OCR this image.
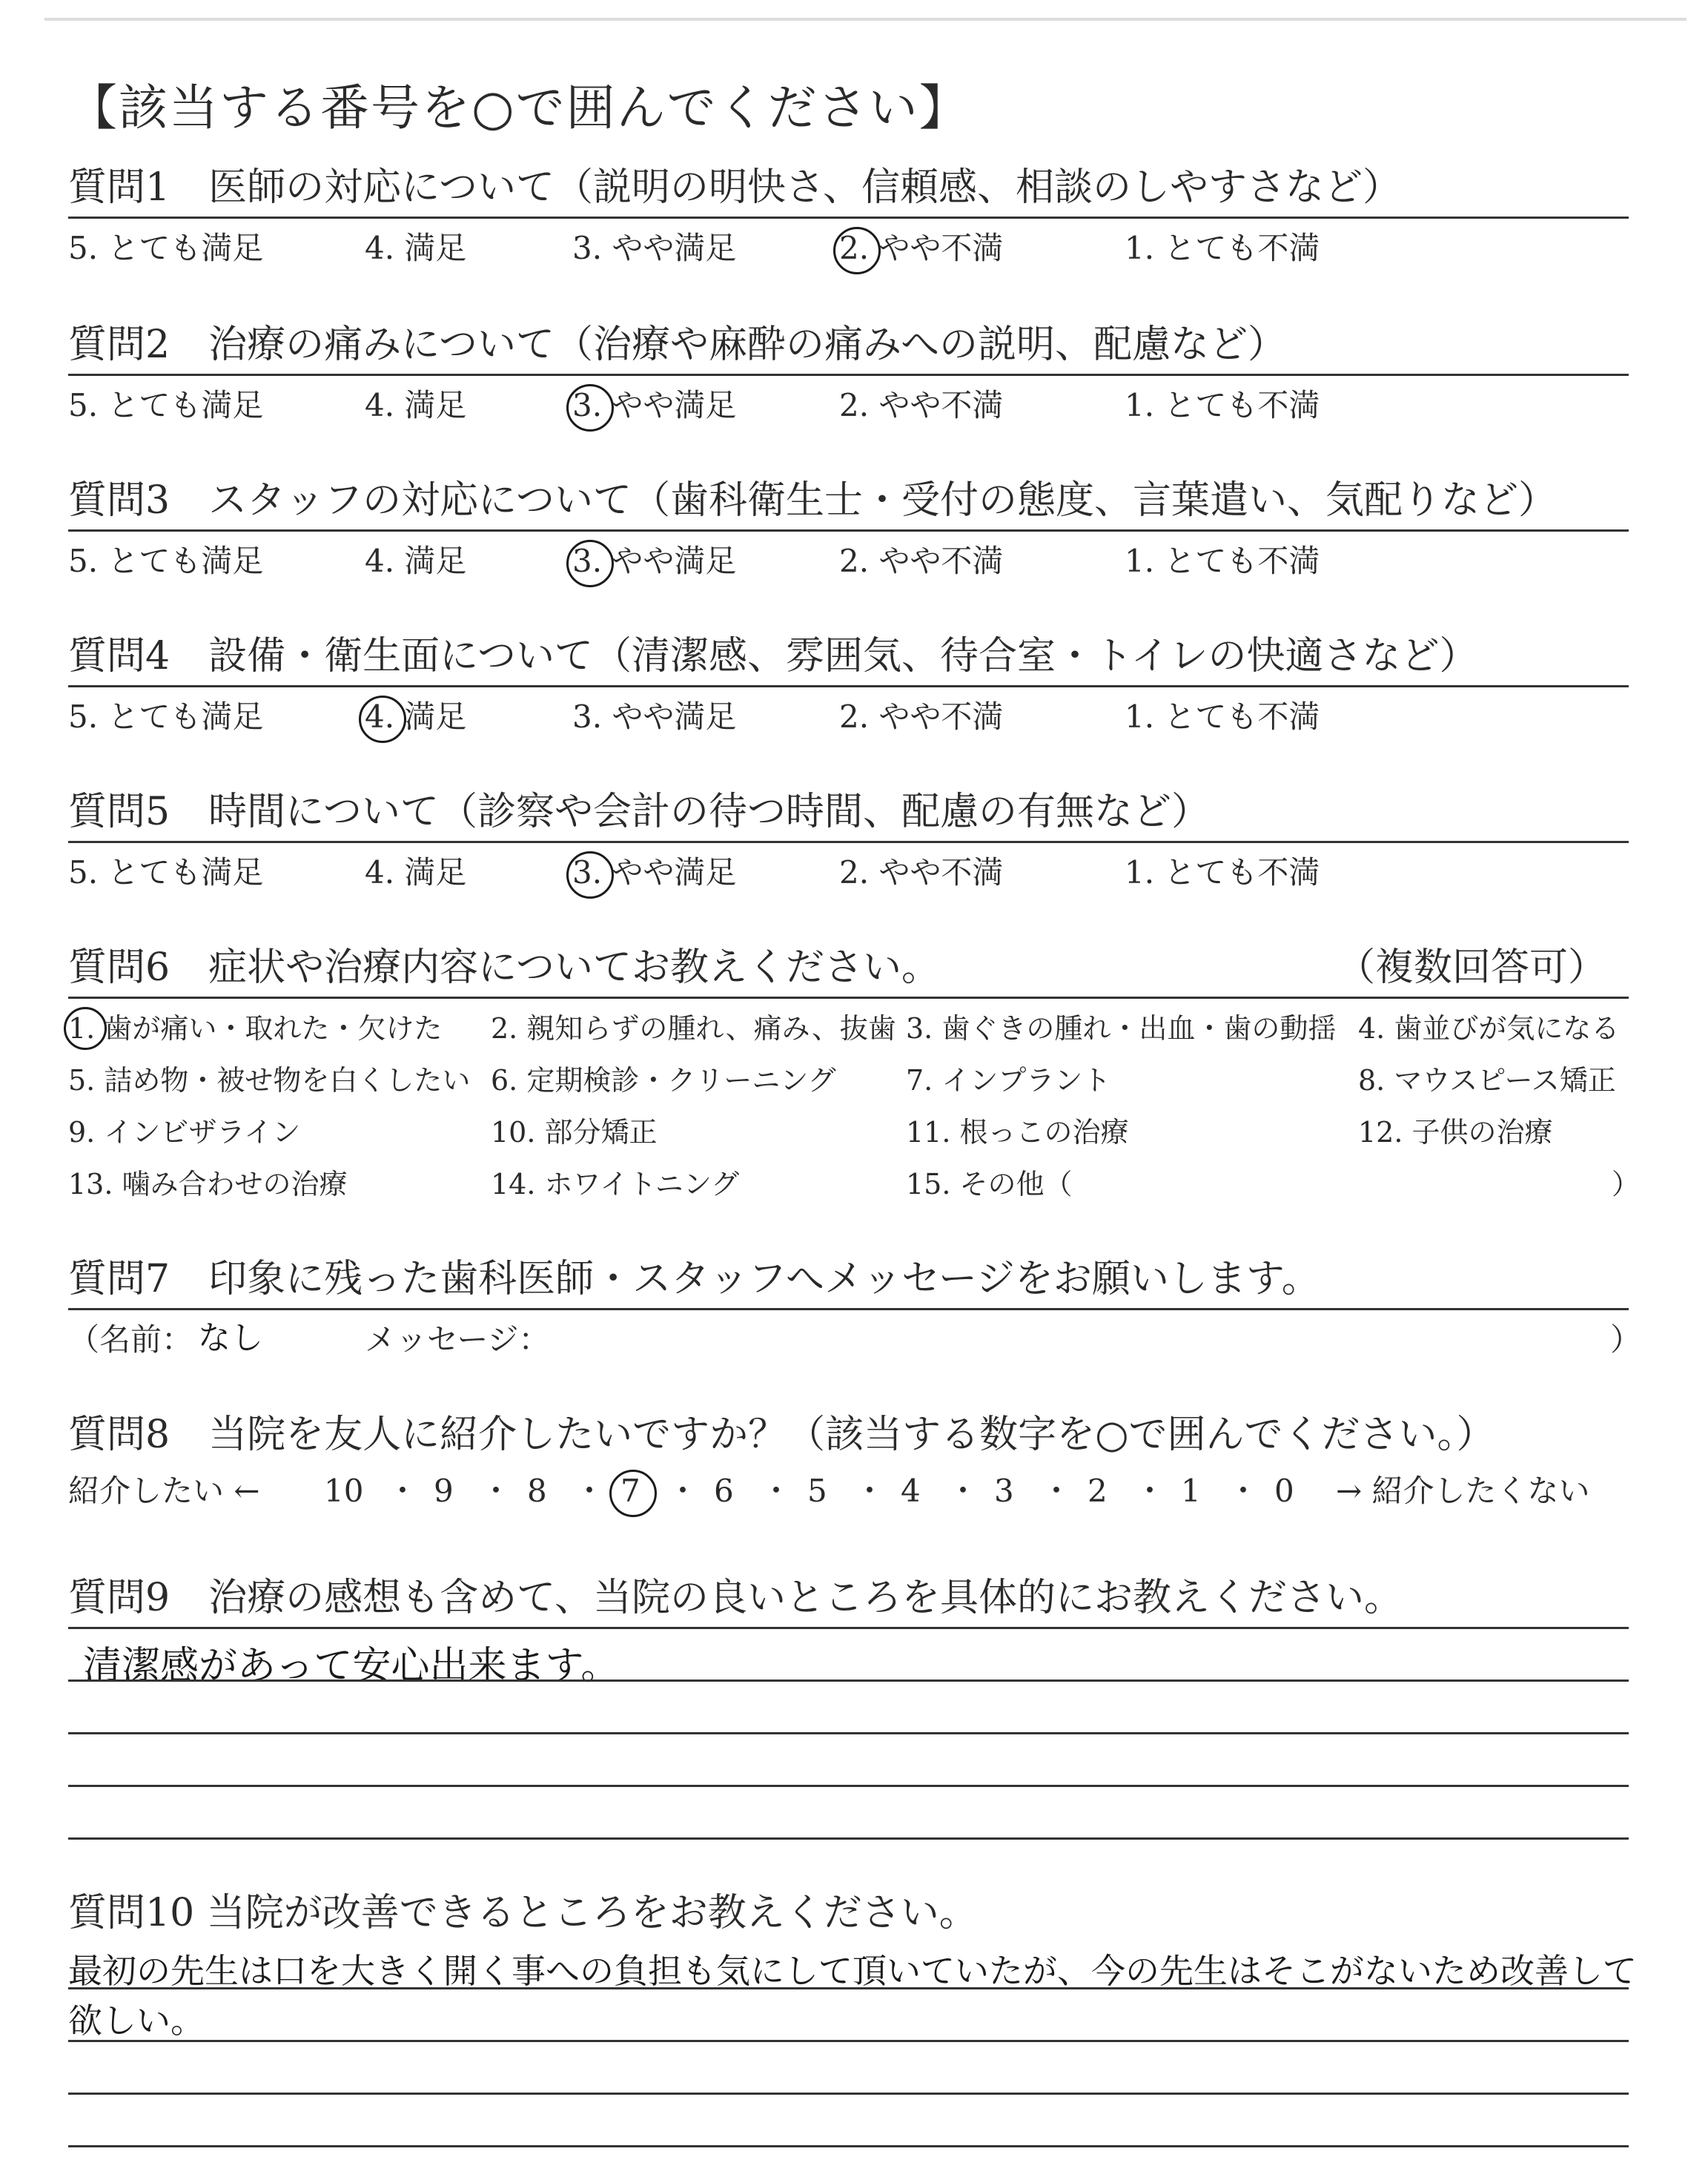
【該当する番号を○で囲んでください】
質問1　医師の対応について（説明の明快さ、信頼感、相談のしやすさなど）
5. とても満足	4. 満足	3. やや満足	2. やや不満	1. とても不満
質問2　治療の痛みについて（治療や麻酔の痛みへの説明、配慮など）
5. とても満足	4. 満足	3. やや満足	2. やや不満	1. とても不満
質問3　スタッフの対応について（歯科衛生士・受付の態度、言葉遣い、気配りなど）
5. とても満足	4. 満足	3. やや満足	2. やや不満	1. とても不満
質問4　設備・衛生面について（清潔感、雰囲気、待合室・トイレの快適さなど）
5. とても満足	4. 満足	3. やや満足	2. やや不満	1. とても不満
質問5　時間について（診察や会計の待つ時間、配慮の有無など）
5. とても満足	4. 満足	3. やや満足	2. やや不満	1. とても不満
質問6　症状や治療内容についてお教えください。	（複数回答可）
1. 歯が痛い・取れた・欠けた 2. 親知らずの腫れ、痛み、抜歯 3. 歯ぐきの腫れ・出血・歯の動揺 4. 歯並びが気になる
5. 詰め物・被せ物を白くしたい 6. 定期検診・クリーニング 7. インプラント	8. マウスピース矯正
9. インビザライン	10. 部分矯正	11. 根っこの治療	12. 子供の治療
13. 噛み合わせの治療	14. ホワイトニング	15. その他（	）
質問7　印象に残った歯科医師・スタッフへメッセージをお願いします。
（名前： なし	メッセージ：	）
質問8　当院を友人に紹介したいですか？（該当する数字を○で囲んでください。）
紹介したい ← 10 ・ 9 ・ 8 ・ 7 ・ 6 ・ 5 ・ 4 ・ 3 ・ 2 ・ 1 ・ 0 → 紹介したくない
質問9　治療の感想も含めて、当院の良いところを具体的にお教えください。
清潔感があって安心出来ます。
質問10 当院が改善できるところをお教えください。
最初の先生は口を大きく開く事への負担も気にして頂いていたが、今の先生はそこがないため改善して
欲しい。
